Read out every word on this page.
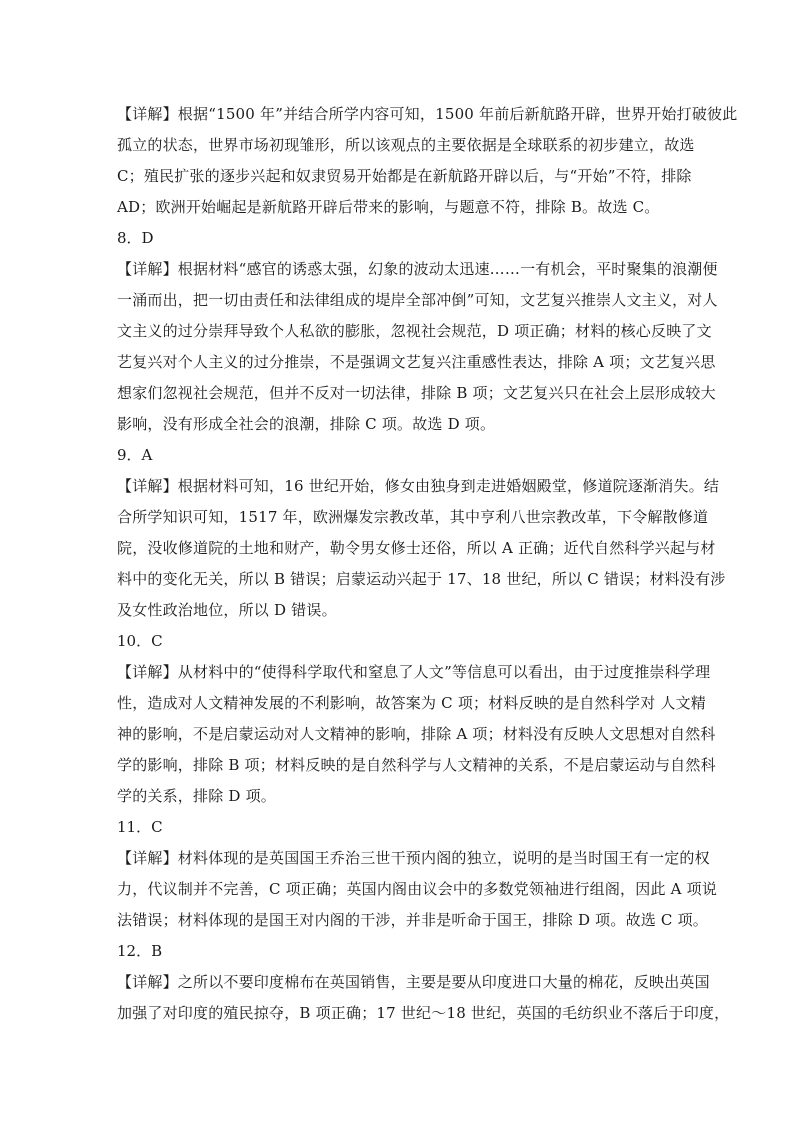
【详解】根据“1500 年”并结合所学内容可知，1500 年前后新航路开辟，世界开始打破彼此
孤立的状态，世界市场初现雏形，所以该观点的主要依据是全球联系的初步建立，故选
C；殖民扩张的逐步兴起和奴隶贸易开始都是在新航路开辟以后，与“开始”不符，排除
AD；欧洲开始崛起是新航路开辟后带来的影响，与题意不符，排除 B。故选 C。
8．D
【详解】根据材料“感官的诱惑太强，幻象的波动太迅速……一有机会，平时聚集的浪潮便
一涌而出，把一切由责任和法律组成的堤岸全部冲倒”可知，文艺复兴推崇人文主义，对人
文主义的过分崇拜导致个人私欲的膨胀，忽视社会规范，D 项正确；材料的核心反映了文
艺复兴对个人主义的过分推崇，不是强调文艺复兴注重感性表达，排除 A 项；文艺复兴思
想家们忽视社会规范，但并不反对一切法律，排除 B 项；文艺复兴只在社会上层形成较大
影响，没有形成全社会的浪潮，排除 C 项。故选 D 项。
9．A
【详解】根据材料可知，16 世纪开始，修女由独身到走进婚姻殿堂，修道院逐渐消失。结
合所学知识可知，1517 年，欧洲爆发宗教改革，其中亨利八世宗教改革，下令解散修道
院，没收修道院的土地和财产，勒令男女修士还俗，所以 A 正确；近代自然科学兴起与材
料中的变化无关，所以 B 错误；启蒙运动兴起于 17、18 世纪，所以 C 错误；材料没有涉
及女性政治地位，所以 D 错误。
10．C
【详解】从材料中的“使得科学取代和窒息了人文”等信息可以看出，由于过度推崇科学理
性，造成对人文精神发展的不利影响，故答案为 C 项；材料反映的是自然科学对 人文精
神的影响，不是启蒙运动对人文精神的影响，排除 A 项；材料没有反映人文思想对自然科
学的影响，排除 B 项；材料反映的是自然科学与人文精神的关系，不是启蒙运动与自然科
学的关系，排除 D 项。
11．C
【详解】材料体现的是英国国王乔治三世干预内阁的独立，说明的是当时国王有一定的权
力，代议制并不完善，C 项正确；英国内阁由议会中的多数党领袖进行组阁，因此 A 项说
法错误；材料体现的是国王对内阁的干涉，并非是听命于国王，排除 D 项。故选 C 项。
12．B
【详解】之所以不要印度棉布在英国销售，主要是要从印度进口大量的棉花，反映出英国
加强了对印度的殖民掠夺，B 项正确；17 世纪～18 世纪，英国的毛纺织业不落后于印度，
